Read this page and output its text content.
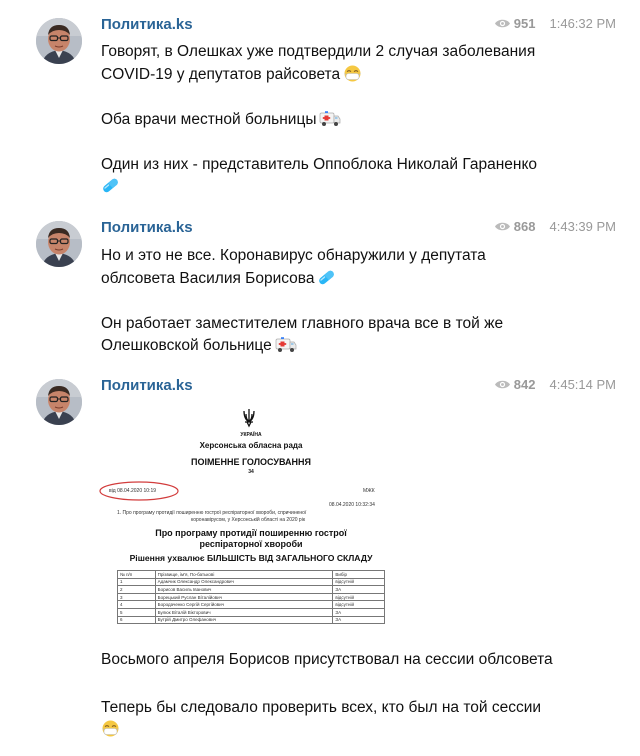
Политика.ks	951 1:46:32 PM

Говорят, в Олешках уже подтвердили 2 случая заболевания

COVID-19 у депутатов райсовета

Оба врачи местной больницы

Один из них - представитель Оппоблока Николай Гараненко

Политика.ks	868 4:43:39 PM

Но и это не все. Коронавирус обнаружили у депутата

облсовета Василия Борисова

Он работает заместителем главного врача все в той же

Олешковской больнице

Политика.ks	842 4:45:14 PM
УКРАЇНА
Херсонська обласна рада
ПОІМЕННЕ ГОЛОСУВАННЯ
34
від 08.04.2020 10:19	МЖК
08.04.2020 10:32:34
1. Про програму протидії поширенню гострої респіраторної хвороби, спричиненої
коронавірусом, у Херсонській області на 2020 рік
Про програму протидії поширенню гострої
респіраторної хвороби
Рішення ухвалює БІЛЬШІСТЬ ВІД ЗАГАЛЬНОГО СКЛАДУ
№ п/п	Прізвище, ім'я, По-батькові	Вибір
1	Адамчик Олександр Олександрович	відсутній
2	Борисов Василь Іванович	ЗА
3	Борецький Руслан Віталійович	відсутній
4	Бородаченко Сергій Сергійович	відсутній
5	Булюк Віталій Вікторович	ЗА
6	Бутрій Дмитро Олефанович	ЗА

Восьмого апреля Борисов присутствовал на сессии облсовета

Теперь бы следовало проверить всех, кто был на той сессии
